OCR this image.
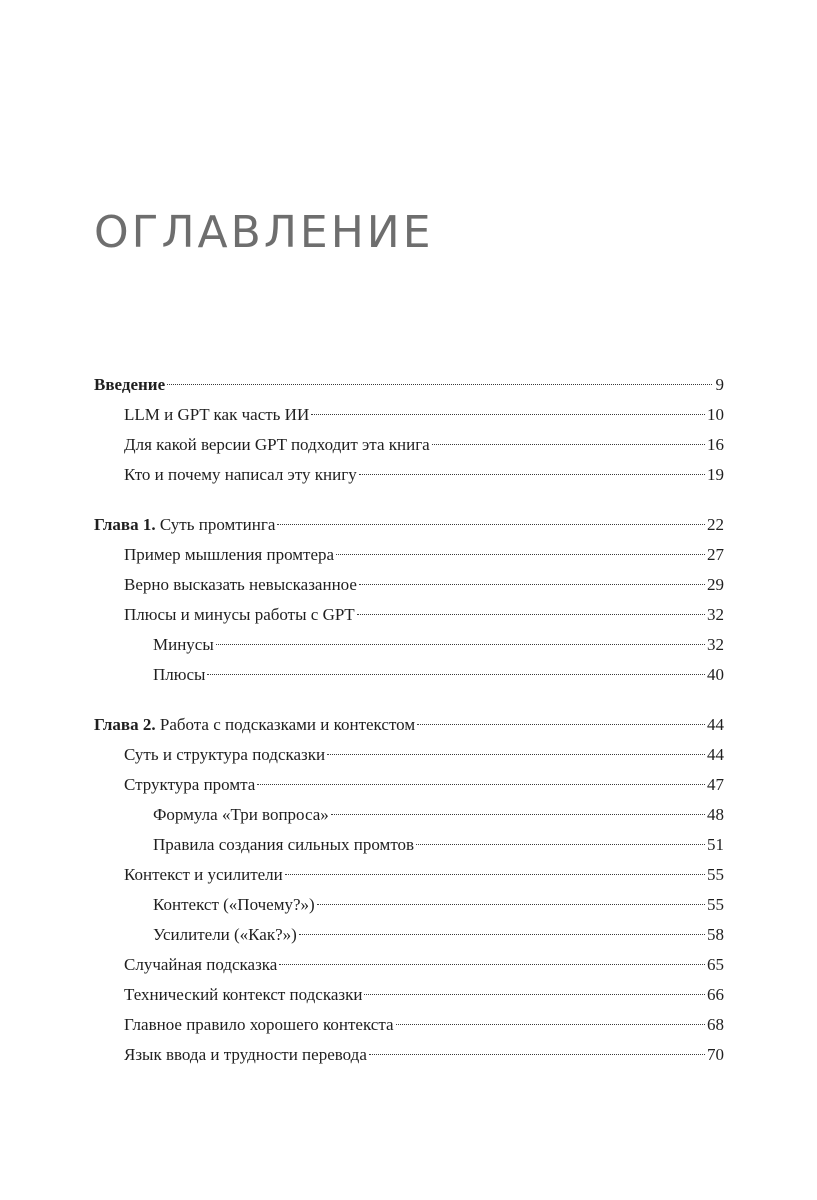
ОГЛАВЛЕНИЕ
Введение	9
LLM и GPT как часть ИИ	10
Для какой версии GPT подходит эта книга	16
Кто и почему написал эту книгу	19
Глава 1. Суть промтинга	22
Пример мышления промтера	27
Верно высказать невысказанное	29
Плюсы и минусы работы с GPT	32
Минусы	32
Плюсы	40
Глава 2. Работа с подсказками и контекстом	44
Суть и структура подсказки	44
Структура промта	47
Формула «Три вопроса»	48
Правила создания сильных промтов	51
Контекст и усилители	55
Контекст («Почему?»)	55
Усилители («Как?»)	58
Случайная подсказка	65
Технический контекст подсказки	66
Главное правило хорошего контекста	68
Язык ввода и трудности перевода	70
